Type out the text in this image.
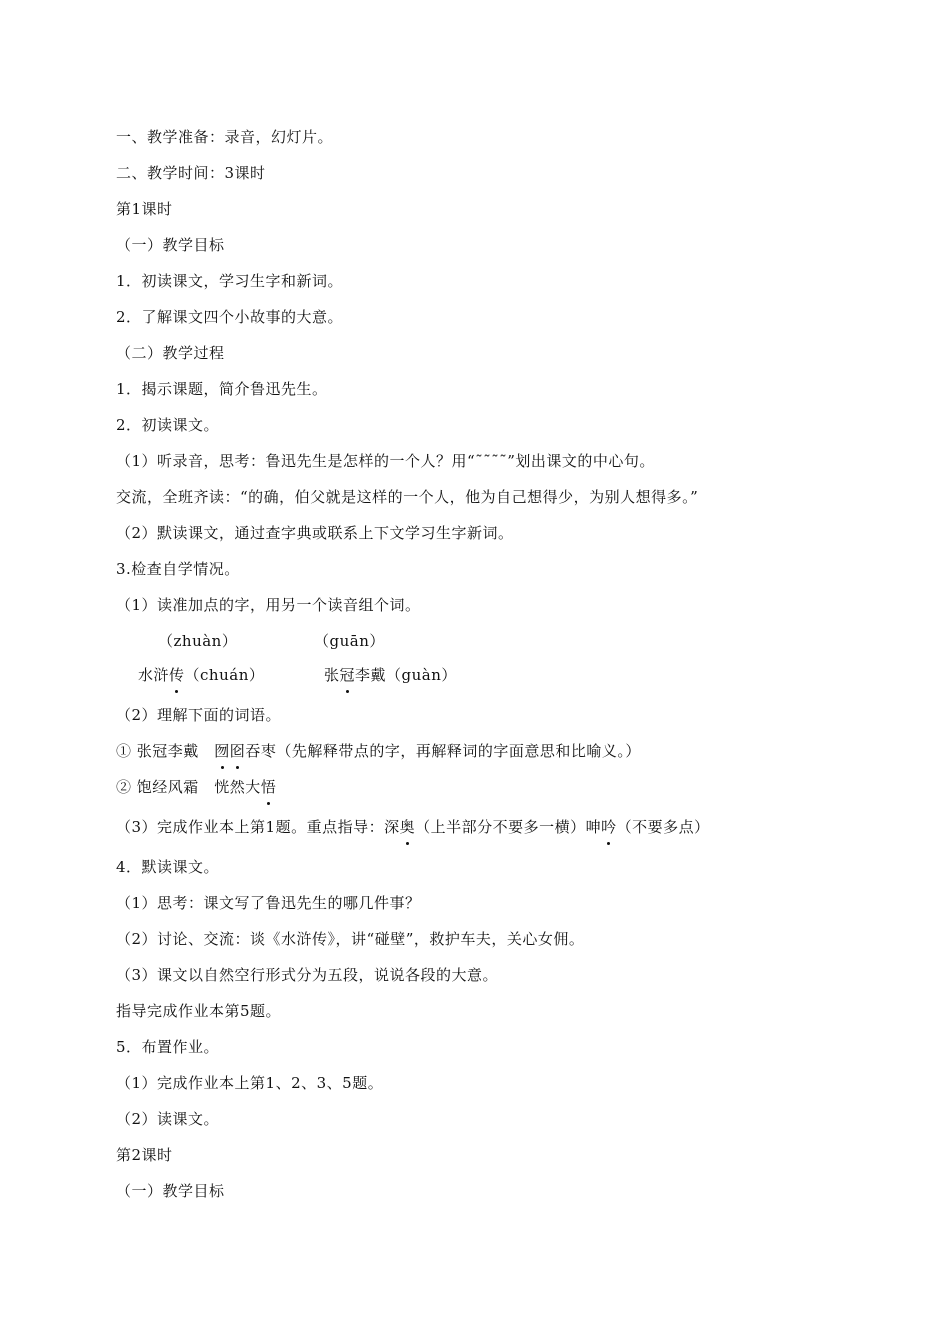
一、教学准备：录音，幻灯片。
二、教学时间：3课时
第1课时
（一）教学目标
1．初读课文，学习生字和新词。
2．了解课文四个小故事的大意。
（二）教学过程
1．揭示课题，简介鲁迅先生。
2．初读课文。
（1）听录音，思考：鲁迅先生是怎样的一个人？用“˜˜˜˜”划出课文的中心句。
交流，全班齐读：“的确，伯父就是这样的一个人，他为自己想得少，为别人想得多。”
（2）默读课文，通过查字典或联系上下文学习生字新词。
3.检查自学情况。
（1）读准加点的字，用另一个读音组个词。
（zhuàn）	（guān）
水浒传（chuán）	张冠李戴（guàn）
（2）理解下面的词语。
① 张冠李戴　囫囵吞枣（先解释带点的字，再解释词的字面意思和比喻义。）
② 饱经风霜　恍然大悟
（3）完成作业本上第1题。重点指导：深奥（上半部分不要多一横）呻吟（不要多点）
4．默读课文。
（1）思考：课文写了鲁迅先生的哪几件事？
（2）讨论、交流：谈《水浒传》，讲“碰壁”，救护车夫，关心女佣。
（3）课文以自然空行形式分为五段，说说各段的大意。
指导完成作业本第5题。
5．布置作业。
（1）完成作业本上第1、2、3、5题。
（2）读课文。
第2课时
（一）教学目标
